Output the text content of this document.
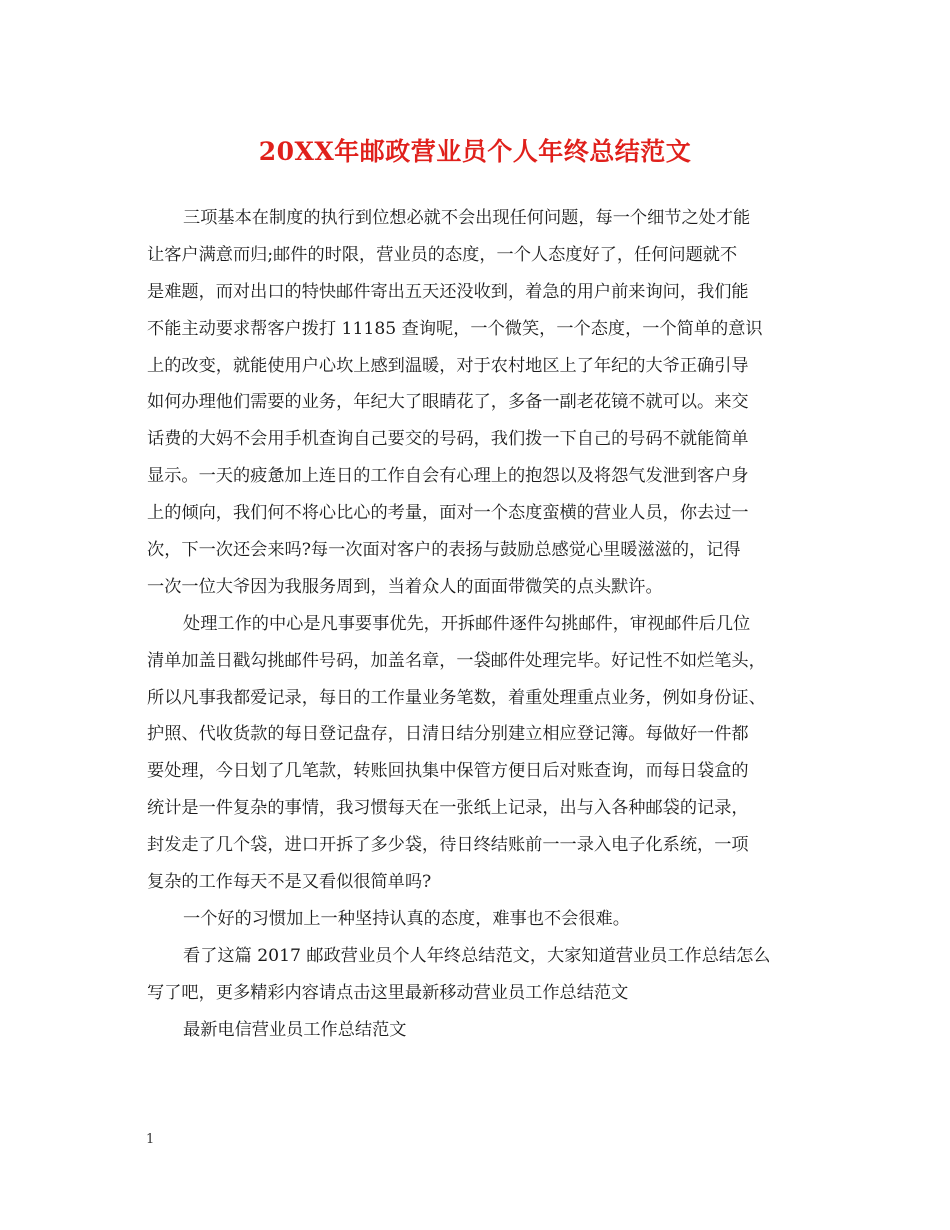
20XX年邮政营业员个人年终总结范文
三项基本在制度的执行到位想必就不会出现任何问题，每一个细节之处才能
让客户满意而归;邮件的时限，营业员的态度，一个人态度好了，任何问题就不
是难题，而对出口的特快邮件寄出五天还没收到，着急的用户前来询问，我们能
不能主动要求帮客户拨打 11185 查询呢，一个微笑，一个态度，一个简单的意识
上的改变，就能使用户心坎上感到温暖，对于农村地区上了年纪的大爷正确引导
如何办理他们需要的业务，年纪大了眼睛花了，多备一副老花镜不就可以。来交
话费的大妈不会用手机查询自己要交的号码，我们拨一下自己的号码不就能简单
显示。一天的疲惫加上连日的工作自会有心理上的抱怨以及将怨气发泄到客户身
上的倾向，我们何不将心比心的考量，面对一个态度蛮横的营业人员，你去过一
次，下一次还会来吗?每一次面对客户的表扬与鼓励总感觉心里暖滋滋的，记得
一次一位大爷因为我服务周到，当着众人的面面带微笑的点头默许。
处理工作的中心是凡事要事优先，开拆邮件逐件勾挑邮件，审视邮件后几位
清单加盖日戳勾挑邮件号码，加盖名章，一袋邮件处理完毕。好记性不如烂笔头，
所以凡事我都爱记录，每日的工作量业务笔数，着重处理重点业务，例如身份证、
护照、代收货款的每日登记盘存，日清日结分别建立相应登记簿。每做好一件都
要处理，今日划了几笔款，转账回执集中保管方便日后对账查询，而每日袋盒的
统计是一件复杂的事情，我习惯每天在一张纸上记录，出与入各种邮袋的记录，
封发走了几个袋，进口开拆了多少袋，待日终结账前一一录入电子化系统，一项
复杂的工作每天不是又看似很简单吗?
一个好的习惯加上一种坚持认真的态度，难事也不会很难。
看了这篇 2017 邮政营业员个人年终总结范文，大家知道营业员工作总结怎么
写了吧，更多精彩内容请点击这里最新移动营业员工作总结范文
最新电信营业员工作总结范文
1
